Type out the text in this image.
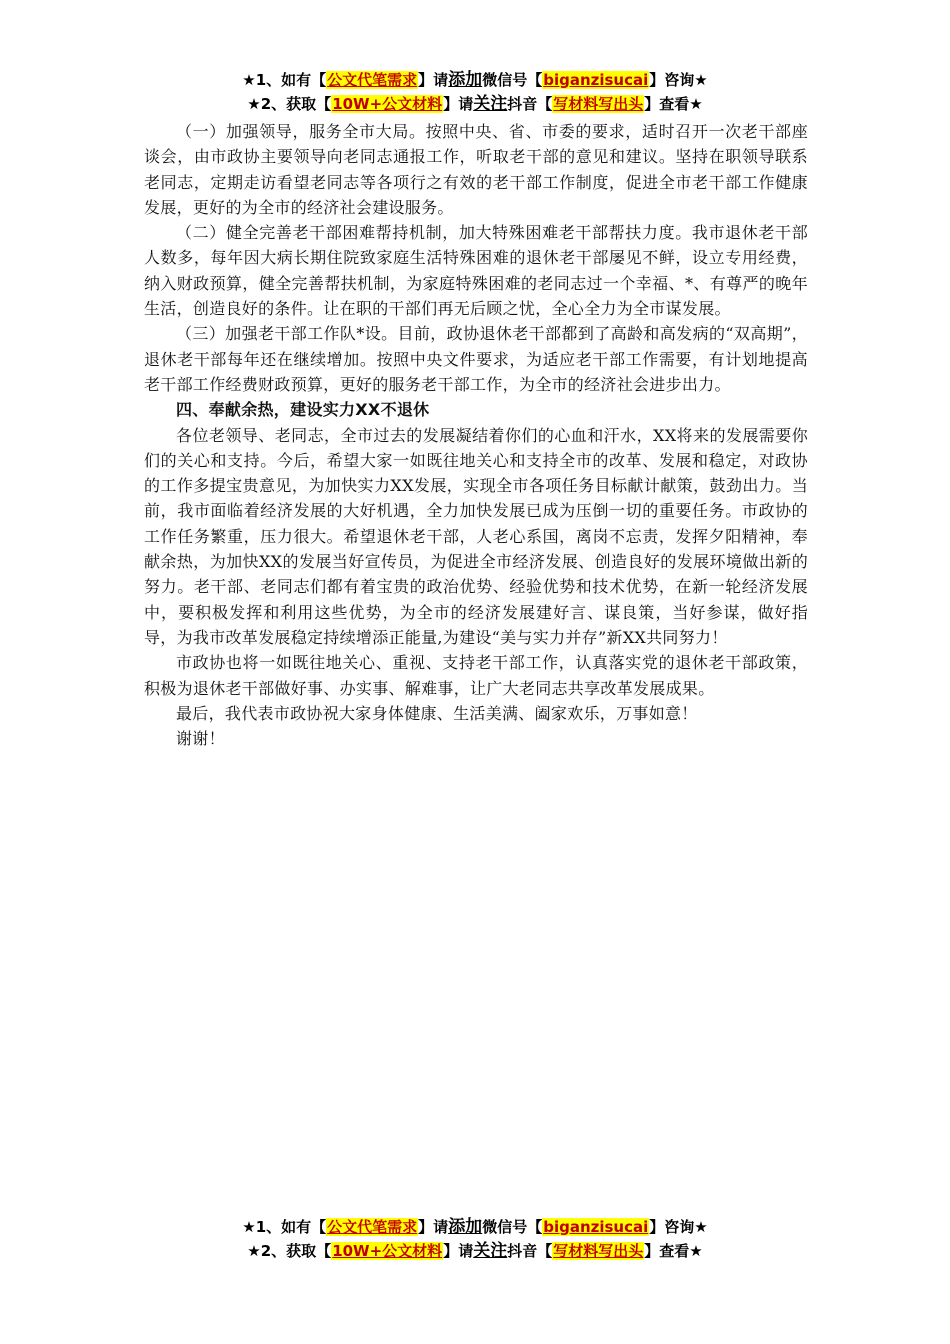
★1、如有【公文代笔需求】请添加微信号【biganzisucai】咨询★
★2、获取【10W+公文材料】请关注抖音【写材料写出头】查看★

（一）加强领导，服务全市大局。按照中央、省、市委的要求，适时召开一次老干部座谈会，由市政协主要领导向老同志通报工作，听取老干部的意见和建议。坚持在职领导联系老同志，定期走访看望老同志等各项行之有效的老干部工作制度，促进全市老干部工作健康发展，更好的为全市的经济社会建设服务。

（二）健全完善老干部困难帮持机制，加大特殊困难老干部帮扶力度。我市退休老干部人数多，每年因大病长期住院致家庭生活特殊困难的退休老干部屡见不鲜，设立专用经费，纳入财政预算，健全完善帮扶机制，为家庭特殊困难的老同志过一个幸福、*、有尊严的晚年生活，创造良好的条件。让在职的干部们再无后顾之忧，全心全力为全市谋发展。

（三）加强老干部工作队*设。目前，政协退休老干部都到了高龄和高发病的“双高期”，退休老干部每年还在继续增加。按照中央文件要求，为适应老干部工作需要，有计划地提高老干部工作经费财政预算，更好的服务老干部工作，为全市的经济社会进步出力。

四、奉献余热，建设实力XX不退休

各位老领导、老同志，全市过去的发展凝结着你们的心血和汗水，XX将来的发展需要你们的关心和支持。今后，希望大家一如既往地关心和支持全市的改革、发展和稳定，对政协的工作多提宝贵意见，为加快实力XX发展，实现全市各项任务目标献计献策，鼓劲出力。当前，我市面临着经济发展的大好机遇，全力加快发展已成为压倒一切的重要任务。市政协的工作任务繁重，压力很大。希望退休老干部，人老心系国，离岗不忘责，发挥夕阳精神，奉献余热，为加快XX的发展当好宣传员，为促进全市经济发展、创造良好的发展环境做出新的努力。老干部、老同志们都有着宝贵的政治优势、经验优势和技术优势，在新一轮经济发展中，要积极发挥和利用这些优势，为全市的经济发展建好言、谋良策，当好参谋，做好指导，为我市改革发展稳定持续增添正能量,为建设“美与实力并存”新XX共同努力！

市政协也将一如既往地关心、重视、支持老干部工作，认真落实党的退休老干部政策，积极为退休老干部做好事、办实事、解难事，让广大老同志共享改革发展成果。

最后，我代表市政协祝大家身体健康、生活美满、阖家欢乐，万事如意！

谢谢！

★1、如有【公文代笔需求】请添加微信号【biganzisucai】咨询★
★2、获取【10W+公文材料】请关注抖音【写材料写出头】查看★
